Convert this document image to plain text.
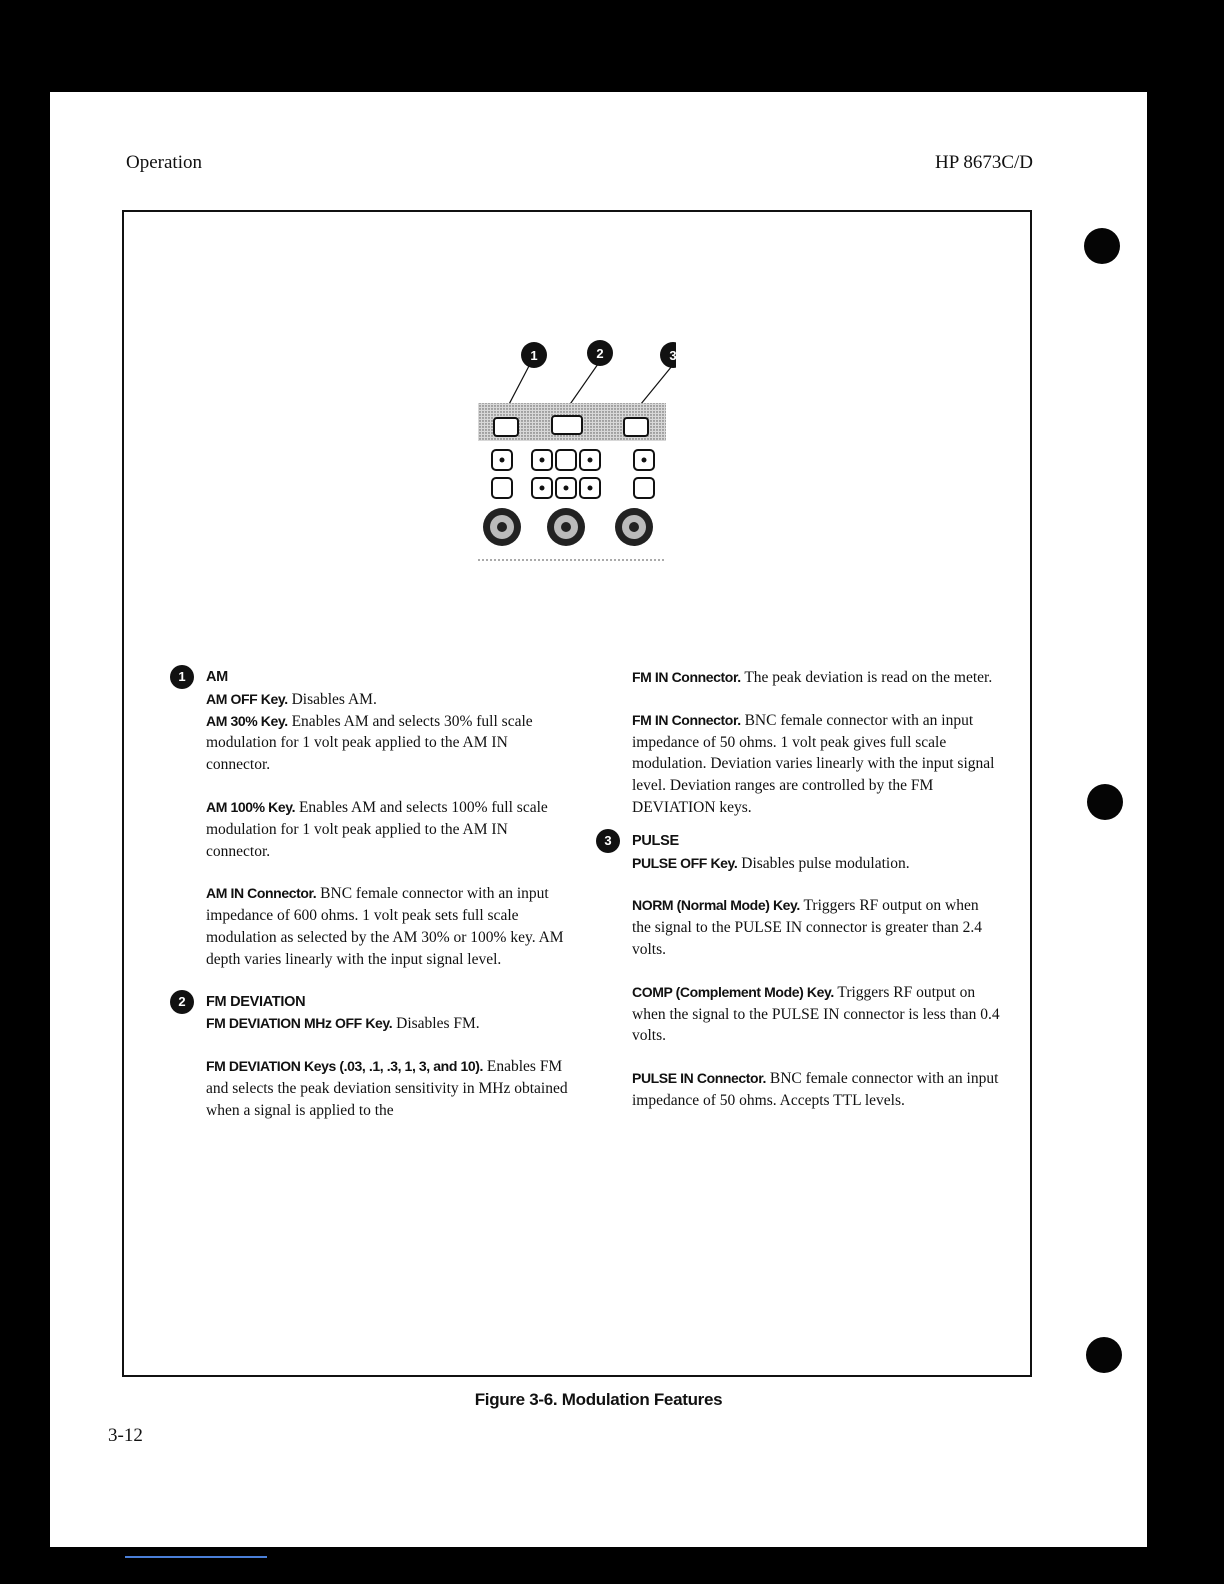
Operation	HP 8673C/D
1	2	3
1	AM

AM OFF Key. Disables AM.

AM 30% Key. Enables AM and selects 30% full scale modulation for 1 volt peak applied to the AM IN connector.

AM 100% Key. Enables AM and selects 100% full scale modulation for 1 volt peak applied to the AM IN connector.

AM IN Connector. BNC female connector with an input impedance of 600 ohms. 1 volt peak sets full scale modulation as selected by the AM 30% or 100% key. AM depth varies linearly with the input signal level.

2	FM DEVIATION

FM DEVIATION MHz OFF Key. Disables FM.

FM DEVIATION Keys (.03, .1, .3, 1, 3, and 10). Enables FM and selects the peak deviation sensitivity in MHz obtained when a signal is applied to the

FM IN Connector. The peak deviation is read on the meter.

FM IN Connector. BNC female connector with an input impedance of 50 ohms. 1 volt peak gives full scale modulation. Deviation varies linearly with the input signal level. Deviation ranges are controlled by the FM DEVIATION keys.

3	PULSE

PULSE OFF Key. Disables pulse modulation.

NORM (Normal Mode) Key. Triggers RF output on when the signal to the PULSE IN connector is greater than 2.4 volts.

COMP (Complement Mode) Key. Triggers RF output on when the signal to the PULSE IN connector is less than 0.4 volts.

PULSE IN Connector. BNC female connector with an input impedance of 50 ohms. Accepts TTL levels.

Figure 3-6. Modulation Features
3-12
